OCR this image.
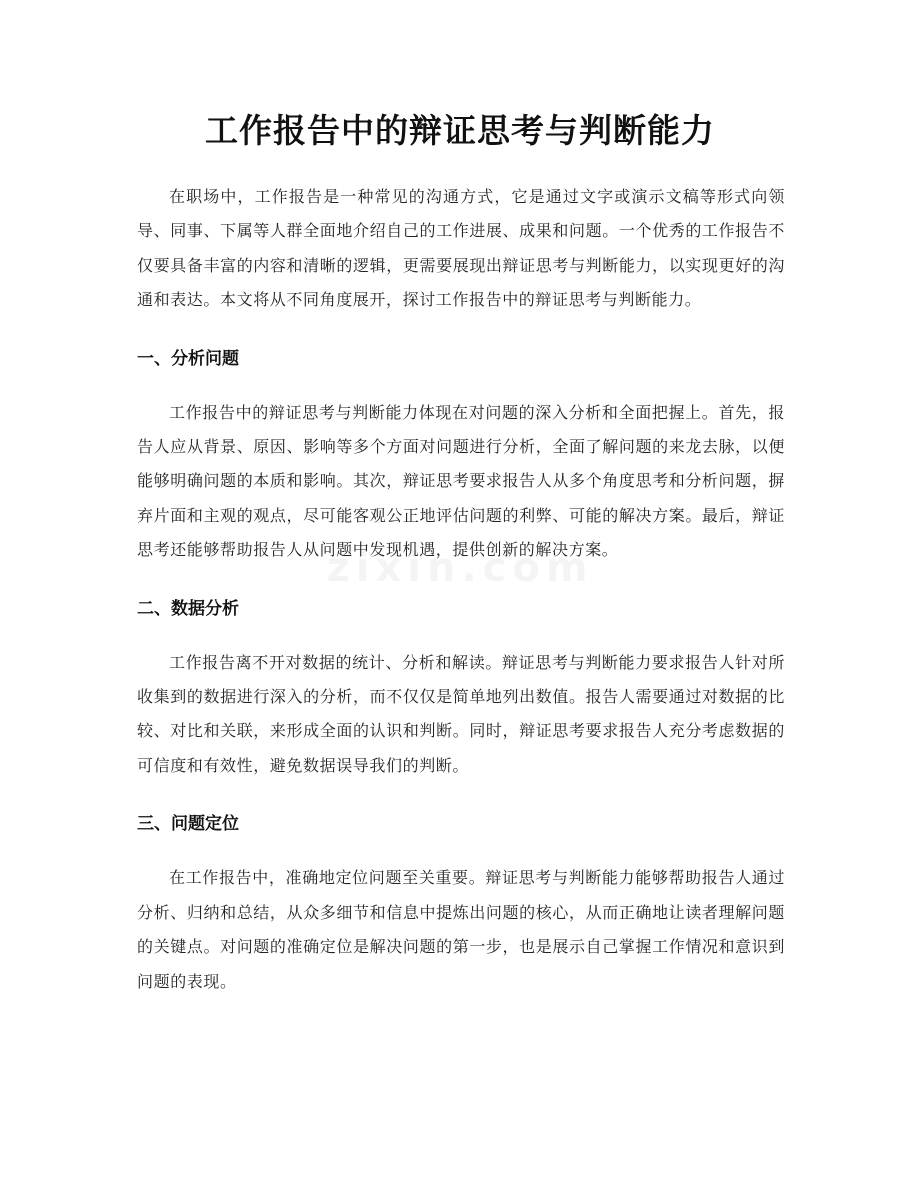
工作报告中的辩证思考与判断能力

在职场中，工作报告是一种常见的沟通方式，它是通过文字或演示文稿等形式向领导、同事、下属等人群全面地介绍自己的工作进展、成果和问题。一个优秀的工作报告不仅要具备丰富的内容和清晰的逻辑，更需要展现出辩证思考与判断能力，以实现更好的沟通和表达。本文将从不同角度展开，探讨工作报告中的辩证思考与判断能力。

一、分析问题

工作报告中的辩证思考与判断能力体现在对问题的深入分析和全面把握上。首先，报告人应从背景、原因、影响等多个方面对问题进行分析，全面了解问题的来龙去脉，以便能够明确问题的本质和影响。其次，辩证思考要求报告人从多个角度思考和分析问题，摒弃片面和主观的观点，尽可能客观公正地评估问题的利弊、可能的解决方案。最后，辩证思考还能够帮助报告人从问题中发现机遇，提供创新的解决方案。

二、数据分析

工作报告离不开对数据的统计、分析和解读。辩证思考与判断能力要求报告人针对所收集到的数据进行深入的分析，而不仅仅是简单地列出数值。报告人需要通过对数据的比较、对比和关联，来形成全面的认识和判断。同时，辩证思考要求报告人充分考虑数据的可信度和有效性，避免数据误导我们的判断。

三、问题定位

在工作报告中，准确地定位问题至关重要。辩证思考与判断能力能够帮助报告人通过分析、归纳和总结，从众多细节和信息中提炼出问题的核心，从而正确地让读者理解问题的关键点。对问题的准确定位是解决问题的第一步，也是展示自己掌握工作情况和意识到问题的表现。
